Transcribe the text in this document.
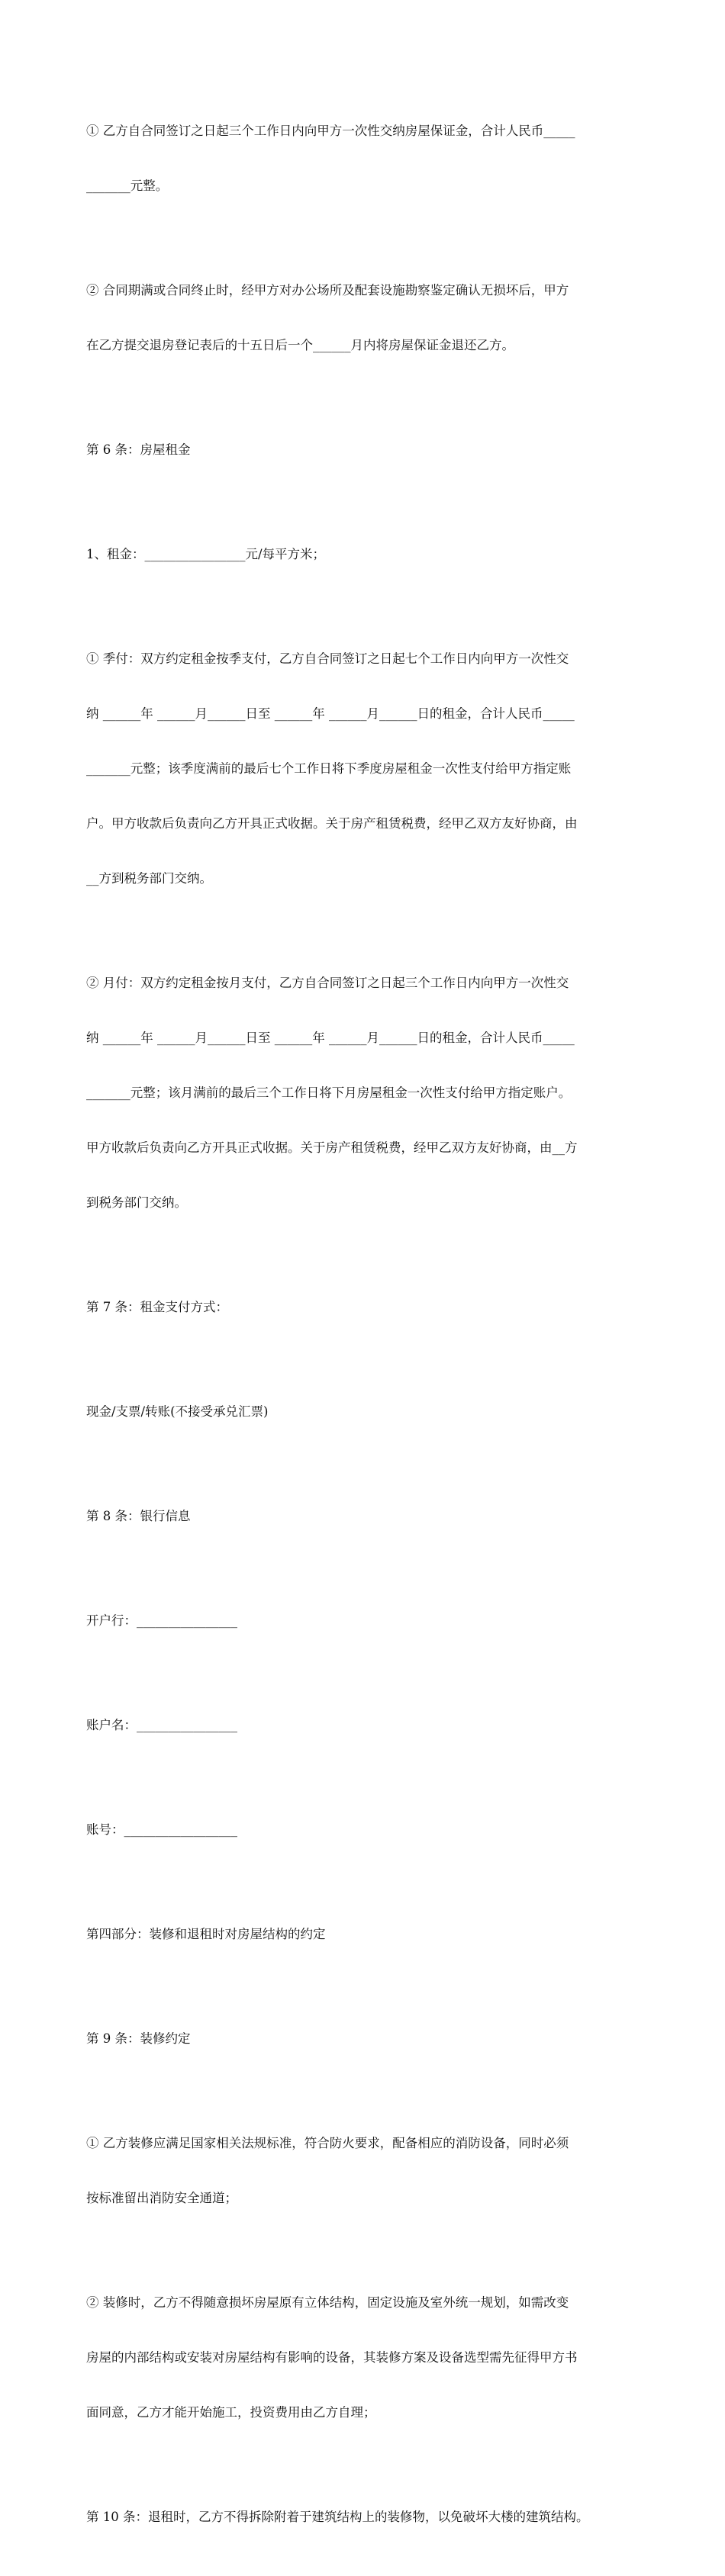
① 乙方自合同签订之日起三个工作日内向甲方一次性交纳房屋保证金，合计人民币_____

_______元整。

② 合同期满或合同终止时，经甲方对办公场所及配套设施勘察鉴定确认无损坏后，甲方

在乙方提交退房登记表后的十五日后一个______月内将房屋保证金退还乙方。

第 6 条：房屋租金

1、租金：________________元/每平方米；

① 季付：双方约定租金按季支付，乙方自合同签订之日起七个工作日内向甲方一次性交

纳 ______年 ______月______日至 ______年 ______月______日的租金，合计人民币_____

_______元整；该季度满前的最后七个工作日将下季度房屋租金一次性支付给甲方指定账

户。甲方收款后负责向乙方开具正式收据。关于房产租赁税费，经甲乙双方友好协商，由

__方到税务部门交纳。

② 月付：双方约定租金按月支付，乙方自合同签订之日起三个工作日内向甲方一次性交

纳 ______年 ______月______日至 ______年 ______月______日的租金，合计人民币_____

_______元整；该月满前的最后三个工作日将下月房屋租金一次性支付给甲方指定账户。

甲方收款后负责向乙方开具正式收据。关于房产租赁税费，经甲乙双方友好协商，由__方

到税务部门交纳。

第 7 条：租金支付方式：

现金/支票/转账(不接受承兑汇票)

第 8 条：银行信息

开户行：________________

账户名：________________

账号：__________________

第四部分：装修和退租时对房屋结构的约定

第 9 条：装修约定

① 乙方装修应满足国家相关法规标准，符合防火要求，配备相应的消防设备，同时必须

按标准留出消防安全通道；

② 装修时，乙方不得随意损坏房屋原有立体结构，固定设施及室外统一规划，如需改变

房屋的内部结构或安装对房屋结构有影响的设备，其装修方案及设备选型需先征得甲方书

面同意，乙方才能开始施工，投资费用由乙方自理；

第 10 条：退租时，乙方不得拆除附着于建筑结构上的装修物，以免破坏大楼的建筑结构。
